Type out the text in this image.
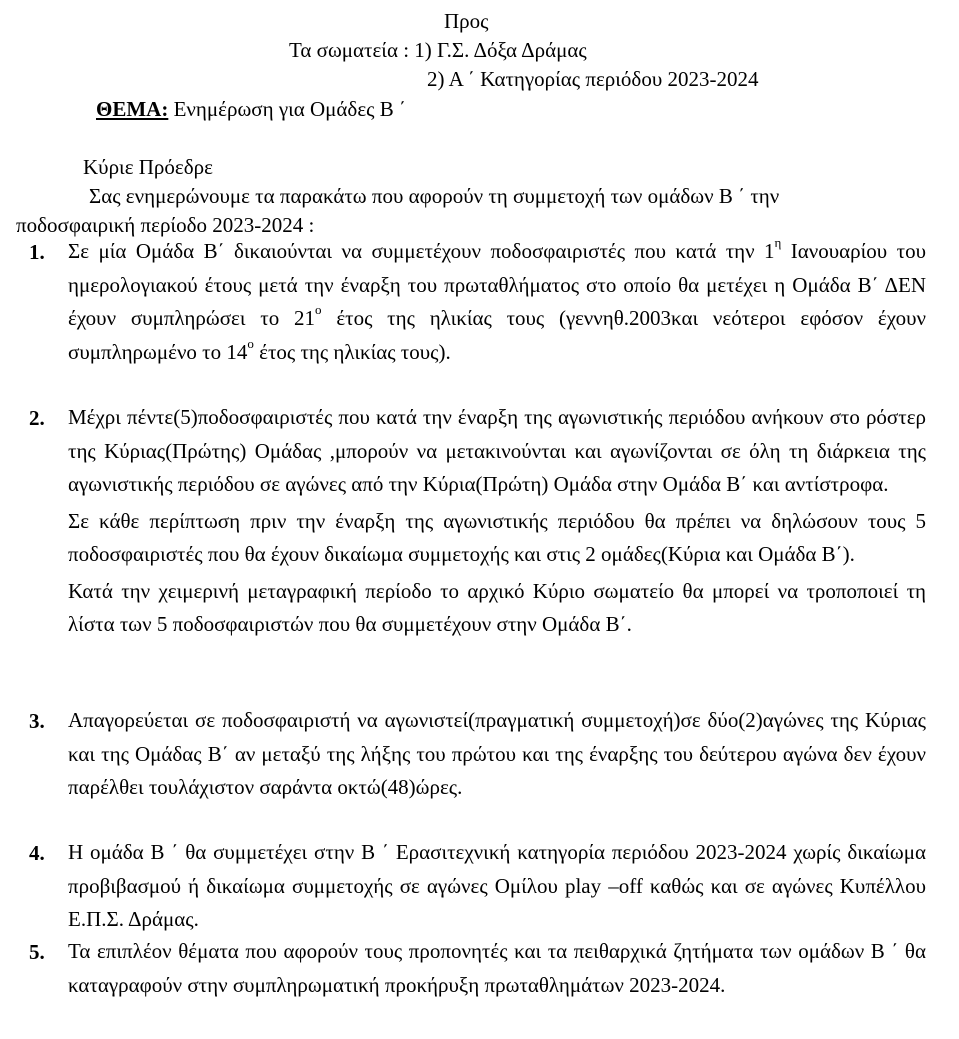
Προς
Τα σωματεία : 1) Γ.Σ. Δόξα Δράμας
2) Α ΄ Κατηγορίας περιόδου 2023-2024
ΘΕΜΑ: Ενημέρωση για Ομάδες Β ΄
Κύριε Πρόεδρε
Σας ενημερώνουμε τα παρακάτω που αφορούν τη συμμετοχή των ομάδων Β ΄ την
ποδοσφαιρική περίοδο 2023-2024 :
1.	Σε μία Ομάδα Β΄ δικαιούνται να συμμετέχουν ποδοσφαιριστές που κατά την $1^\eta$ Ιανουαρίου του ημερολογιακού έτους μετά την έναρξη του πρωταθλήματος στο οποίο θα μετέχει η Ομάδα Β΄ ΔΕΝ έχουν συμπληρώσει το $21^o$ έτος της ηλικίας τους (γεννηθ.2003και νεότεροι εφόσον έχουν συμπληρωμένο το $14^o$ έτος της ηλικίας τους).

2.	Μέχρι πέντε(5)ποδοσφαιριστές που κατά την έναρξη της αγωνιστικής περιόδου ανήκουν στο ρόστερ της Κύριας(Πρώτης) Ομάδας ,μπορούν να μετακινούνται και αγωνίζονται σε όλη τη διάρκεια της αγωνιστικής περιόδου σε αγώνες από την Κύρια(Πρώτη) Ομάδα στην Ομάδα Β΄ και αντίστροφα.

Σε κάθε περίπτωση πριν την έναρξη της αγωνιστικής περιόδου θα πρέπει να δηλώσουν τους 5 ποδοσφαιριστές που θα έχουν δικαίωμα συμμετοχής και στις 2 ομάδες(Κύρια και Ομάδα Β΄).

Κατά την χειμερινή μεταγραφική περίοδο το αρχικό Κύριο σωματείο θα μπορεί να τροποποιεί τη λίστα των 5 ποδοσφαιριστών που θα συμμετέχουν στην Ομάδα Β΄.

3.	Απαγορεύεται σε ποδοσφαιριστή να αγωνιστεί(πραγματική συμμετοχή)σε δύο(2)αγώνες της Κύριας και της Ομάδας Β΄ αν μεταξύ της λήξης του πρώτου και της έναρξης του δεύτερου αγώνα δεν έχουν παρέλθει τουλάχιστον σαράντα οκτώ(48)ώρες.

4.	Η ομάδα Β ΄ θα συμμετέχει στην Β ΄ Ερασιτεχνική κατηγορία περιόδου 2023-2024 χωρίς δικαίωμα προβιβασμού ή δικαίωμα συμμετοχής σε αγώνες Ομίλου play –off καθώς και σε αγώνες Κυπέλλου Ε.Π.Σ. Δράμας.

5.	Τα επιπλέον θέματα που αφορούν τους προπονητές και τα πειθαρχικά ζητήματα των ομάδων Β ΄ θα καταγραφούν στην συμπληρωματική προκήρυξη πρωταθλημάτων 2023-2024.
